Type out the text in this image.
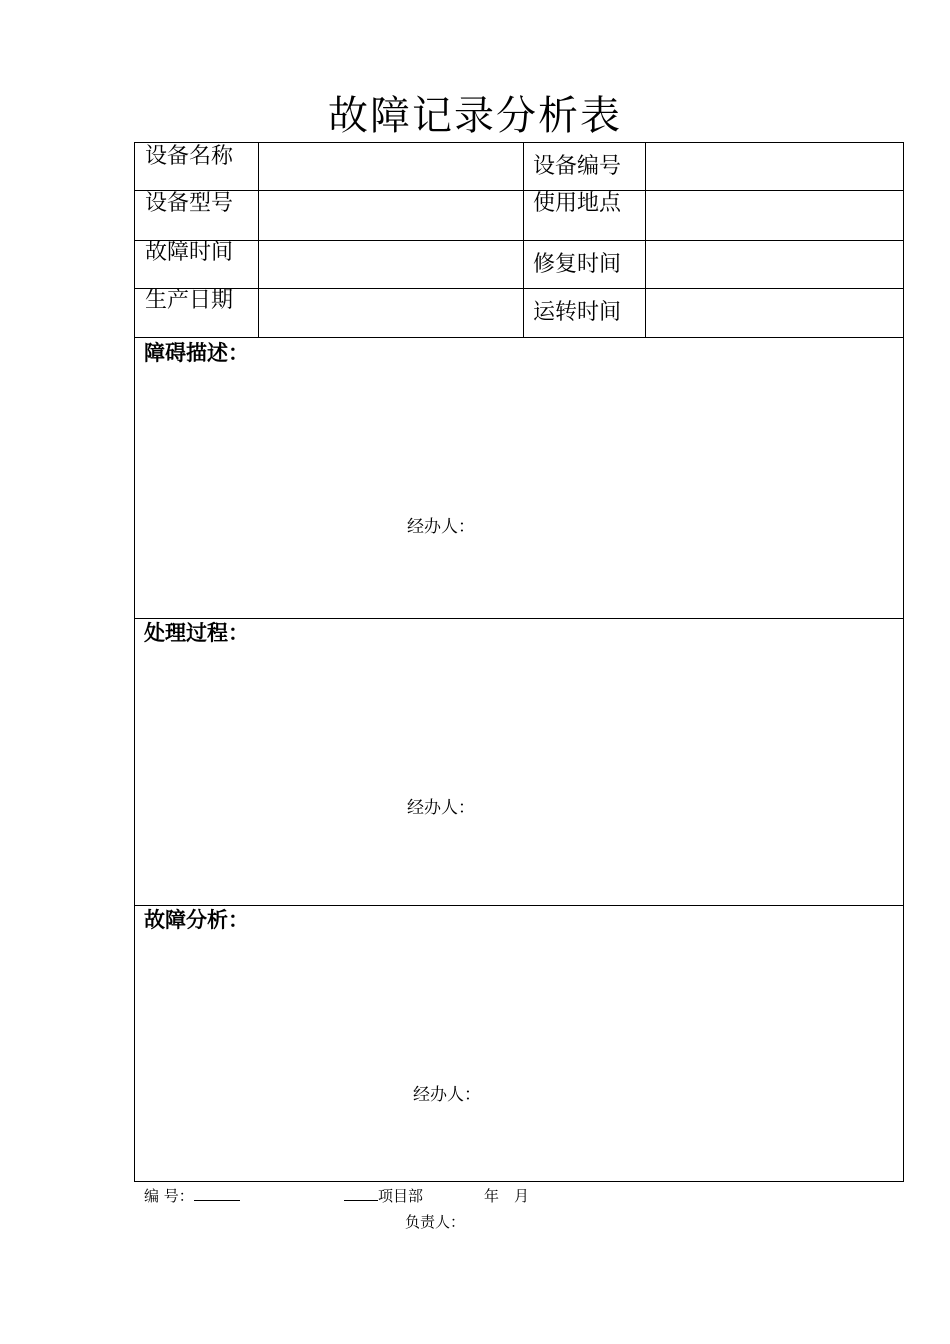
故障记录分析表
设备名称	设备编号
设备型号	使用地点
故障时间	修复时间
生产日期	运转时间
障碍描述：
经办人：
处理过程：
经办人：
故障分析：
经办人：
编 号：	项目部	年 月
负责人：
